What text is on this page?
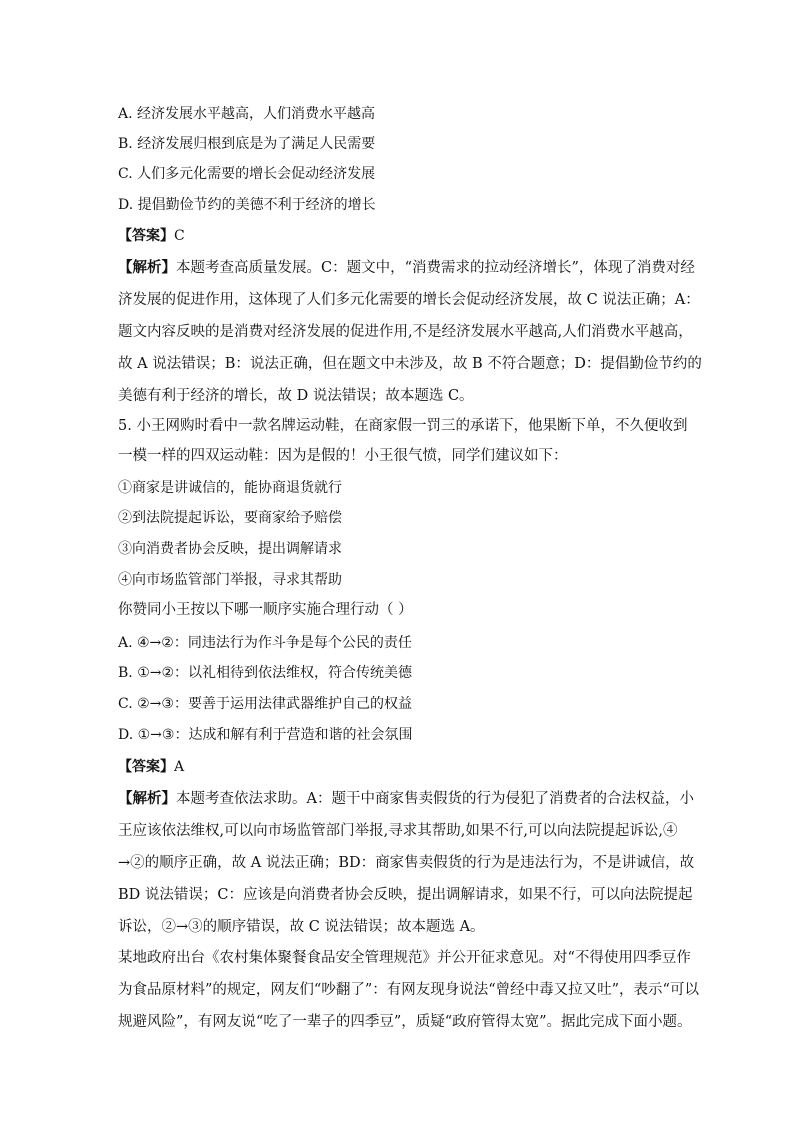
A. 经济发展水平越高，人们消费水平越高
B. 经济发展归根到底是为了满足人民需要
C. 人们多元化需要的增长会促动经济发展
D. 提倡勤俭节约的美德不利于经济的增长
【答案】C
【解析】本题考查高质量发展。C：题文中，“消费需求的拉动经济增长”，体现了消费对经
济发展的促进作用，这体现了人们多元化需要的增长会促动经济发展，故 C 说法正确；A：
题文内容反映的是消费对经济发展的促进作用,不是经济发展水平越高,人们消费水平越高，
故 A 说法错误；B：说法正确，但在题文中未涉及，故 B 不符合题意；D：提倡勤俭节约的
美德有利于经济的增长，故 D 说法错误；故本题选 C。
5. 小王网购时看中一款名牌运动鞋，在商家假一罚三的承诺下，他果断下单，不久便收到
一模一样的四双运动鞋：因为是假的！小王很气愤，同学们建议如下：
①商家是讲诚信的，能协商退货就行
②到法院提起诉讼，要商家给予赔偿
③向消费者协会反映，提出调解请求
④向市场监管部门举报，寻求其帮助
你赞同小王按以下哪一顺序实施合理行动（ ）
A. ④→②：同违法行为作斗争是每个公民的责任
B. ①→②：以礼相待到依法维权，符合传统美德
C. ②→③：要善于运用法律武器维护自己的权益
D. ①→③：达成和解有利于营造和谐的社会氛围
【答案】A
【解析】本题考查依法求助。A：题干中商家售卖假货的行为侵犯了消费者的合法权益，小
王应该依法维权,可以向市场监管部门举报,寻求其帮助,如果不行,可以向法院提起诉讼,④
→②的顺序正确，故 A 说法正确；BD：商家售卖假货的行为是违法行为，不是讲诚信，故
BD 说法错误；C：应该是向消费者协会反映，提出调解请求，如果不行，可以向法院提起
诉讼，②→③的顺序错误，故 C 说法错误；故本题选 A。
某地政府出台《农村集体聚餐食品安全管理规范》并公开征求意见。对“不得使用四季豆作
为食品原材料”的规定，网友们“吵翻了”：有网友现身说法“曾经中毒又拉又吐”，表示“可以
规避风险”，有网友说“吃了一辈子的四季豆”，质疑“政府管得太宽”。据此完成下面小题。
